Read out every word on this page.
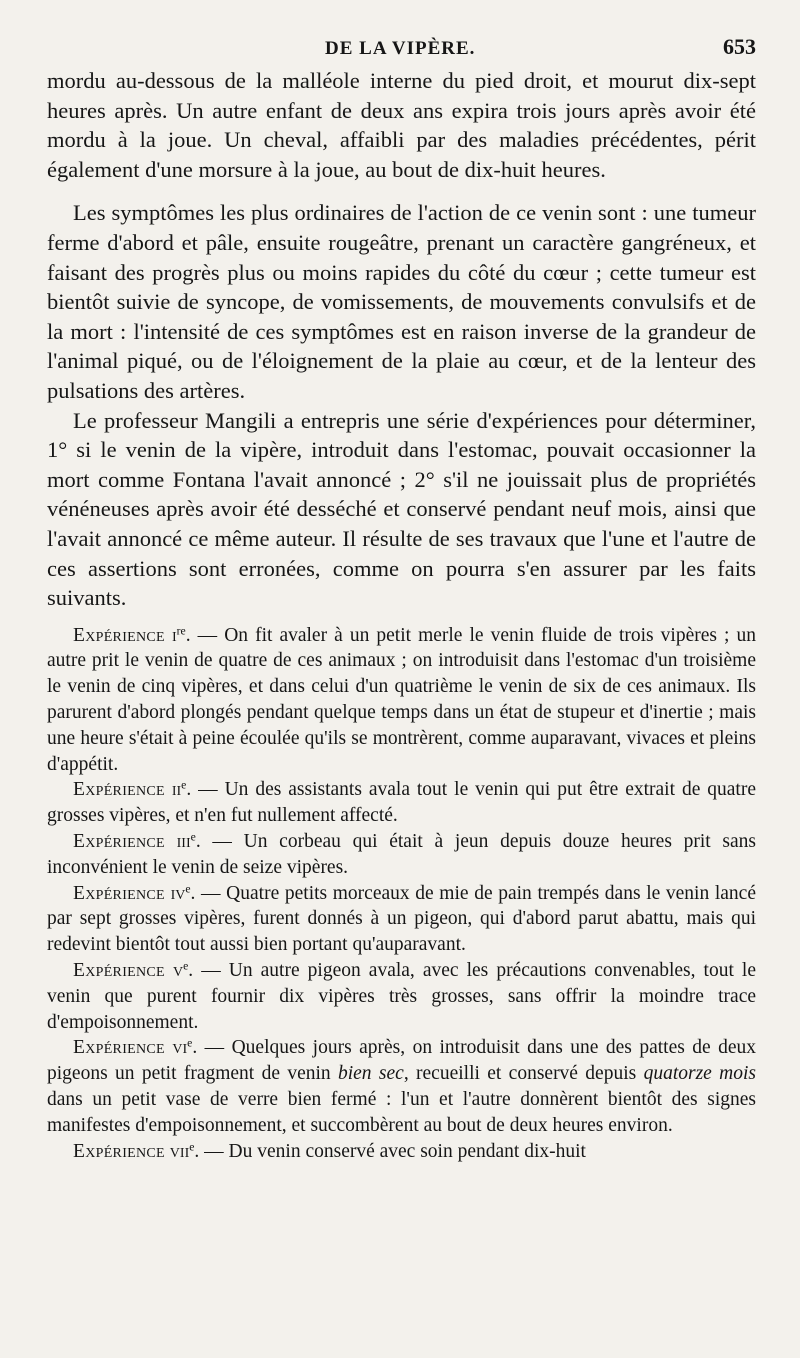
DE LA VIPÈRE.	653

mordu au-dessous de la malléole interne du pied droit, et mourut dix-sept heures après. Un autre enfant de deux ans expira trois jours après avoir été mordu à la joue. Un cheval, affaibli par des maladies précédentes, périt également d'une morsure à la joue, au bout de dix-huit heures.

Les symptômes les plus ordinaires de l'action de ce venin sont : une tumeur ferme d'abord et pâle, ensuite rougeâtre, prenant un caractère gangréneux, et faisant des progrès plus ou moins rapides du côté du cœur ; cette tumeur est bientôt suivie de syncope, de vomissements, de mouvements convulsifs et de la mort : l'intensité de ces symptômes est en raison inverse de la grandeur de l'animal piqué, ou de l'éloignement de la plaie au cœur, et de la lenteur des pulsations des artères.

Le professeur Mangili a entrepris une série d'expériences pour déterminer, 1° si le venin de la vipère, introduit dans l'estomac, pouvait occasionner la mort comme Fontana l'avait annoncé ; 2° s'il ne jouissait plus de propriétés vénéneuses après avoir été desséché et conservé pendant neuf mois, ainsi que l'avait annoncé ce même auteur. Il résulte de ses travaux que l'une et l'autre de ces assertions sont erronées, comme on pourra s'en assurer par les faits suivants.

Expérience $i^{re}$. — On fit avaler à un petit merle le venin fluide de trois vipères ; un autre prit le venin de quatre de ces animaux ; on introduisit dans l'estomac d'un troisième le venin de cinq vipères, et dans celui d'un quatrième le venin de six de ces animaux. Ils parurent d'abord plongés pendant quelque temps dans un état de stupeur et d'inertie ; mais une heure s'était à peine écoulée qu'ils se montrèrent, comme auparavant, vivaces et pleins d'appétit.

Expérience $ii^e$. — Un des assistants avala tout le venin qui put être extrait de quatre grosses vipères, et n'en fut nullement affecté.

Expérience iii$^e$. — Un corbeau qui était à jeun depuis douze heures prit sans inconvénient le venin de seize vipères.

Expérience $iv^e$. — Quatre petits morceaux de mie de pain trempés dans le venin lancé par sept grosses vipères, furent donnés à un pigeon, qui d'abord parut abattu, mais qui redevint bientôt tout aussi bien portant qu'auparavant.

Expérience $v^e$. — Un autre pigeon avala, avec les précautions convenables, tout le venin que purent fournir dix vipères très grosses, sans offrir la moindre trace d'empoisonnement.

Expérience $vi^e$. — Quelques jours après, on introduisit dans une des pattes de deux pigeons un petit fragment de venin bien sec, recueilli et conservé depuis quatorze mois dans un petit vase de verre bien fermé : l'un et l'autre donnèrent bientôt des signes manifestes d'empoisonnement, et succombèrent au bout de deux heures environ.

Expérience vii$^e$. — Du venin conservé avec soin pendant dix-huit
